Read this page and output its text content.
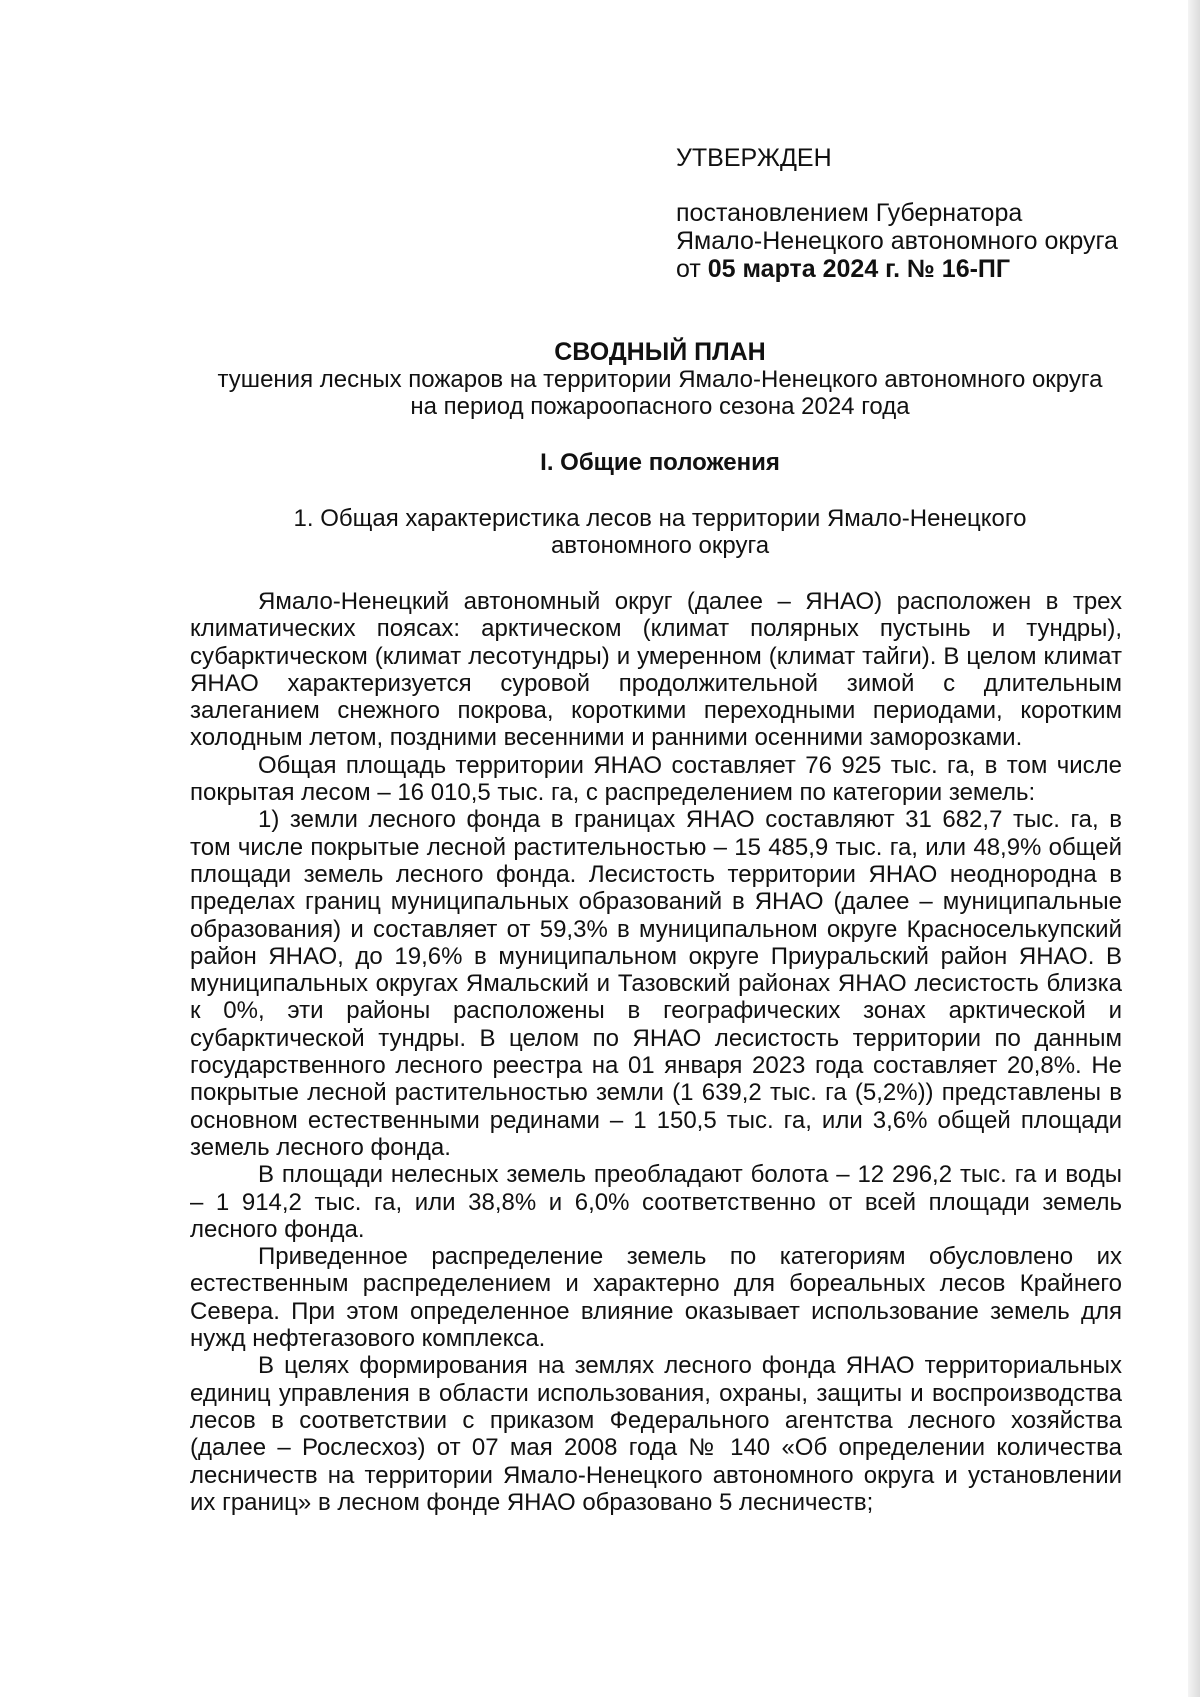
УТВЕРЖДЕН

постановлением Губернатора

Ямало-Ненецкого автономного округа

от 05 марта 2024 г. № 16-ПГ

СВОДНЫЙ ПЛАН

тушения лесных пожаров на территории Ямало-Ненецкого автономного округа

на период пожароопасного сезона 2024 года

I. Общие положения

1. Общая характеристика лесов на территории Ямало-Ненецкого
автономного округа

Ямало-Ненецкий автономный округ (далее – ЯНАО) расположен в трех климатических поясах: арктическом (климат полярных пустынь и тундры), субарктическом (климат лесотундры) и умеренном (климат тайги). В целом климат ЯНАО характеризуется суровой продолжительной зимой с длительным залеганием снежного покрова, короткими переходными периодами, коротким холодным летом, поздними весенними и ранними осенними заморозками.

Общая площадь территории ЯНАО составляет 76 925 тыс. га, в том числе покрытая лесом – 16 010,5 тыс. га, с распределением по категории земель:

1) земли лесного фонда в границах ЯНАО составляют 31 682,7 тыс. га, в том числе покрытые лесной растительностью – 15 485,9 тыс. га, или 48,9% общей площади земель лесного фонда. Лесистость территории ЯНАО неоднородна в пределах границ муниципальных образований в ЯНАО (далее – муниципальные образования) и составляет от 59,3% в муниципальном округе Красноселькупский район ЯНАО, до 19,6% в муниципальном округе Приуральский район ЯНАО. В муниципальных округах Ямальский и Тазовский районах ЯНАО лесистость близка к 0%, эти районы расположены в географических зонах арктической и субарктической тундры. В целом по ЯНАО лесистость территории по данным государственного лесного реестра на 01 января 2023 года составляет 20,8%. Не покрытые лесной растительностью земли (1 639,2 тыс. га (5,2%)) представлены в основном естественными рединами – 1 150,5 тыс. га, или 3,6% общей площади земель лесного фонда.

В площади нелесных земель преобладают болота – 12 296,2 тыс. га и воды – 1 914,2 тыс. га, или 38,8% и 6,0% соответственно от всей площади земель лесного фонда.

Приведенное распределение земель по категориям обусловлено их естественным распределением и характерно для бореальных лесов Крайнего Севера. При этом определенное влияние оказывает использование земель для нужд нефтегазового комплекса.

В целях формирования на землях лесного фонда ЯНАО территориальных единиц управления в области использования, охраны, защиты и воспроизводства лесов в соответствии с приказом Федерального агентства лесного хозяйства (далее – Рослесхоз) от 07 мая 2008 года № 140 «Об определении количества лесничеств на территории Ямало-Ненецкого автономного округа и установлении их границ» в лесном фонде ЯНАО образовано 5 лесничеств;
